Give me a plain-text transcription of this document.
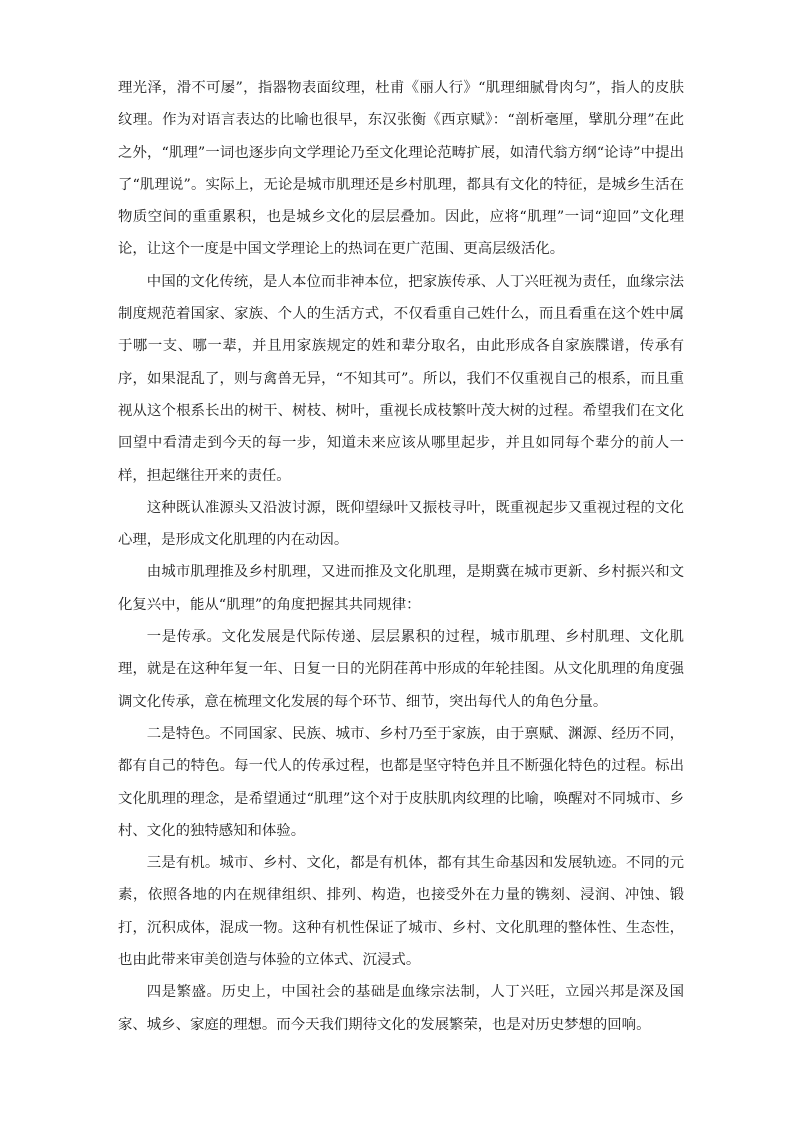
理光泽，滑不可屡”，指器物表面纹理，杜甫《丽人行》“肌理细腻骨肉匀”，指人的皮肤纹理。作为对语言表达的比喻也很早，东汉张衡《西京赋》：“剖析毫厘，擘肌分理”在此之外，“肌理”一词也逐步向文学理论乃至文化理论范畴扩展，如清代翁方纲“论诗”中提出了“肌理说”。实际上，无论是城市肌理还是乡村肌理，都具有文化的特征，是城乡生活在物质空间的重重累积，也是城乡文化的层层叠加。因此，应将“肌理”一词“迎回”文化理论，让这个一度是中国文学理论上的热词在更广范围、更高层级活化。

中国的文化传统，是人本位而非神本位，把家族传承、人丁兴旺视为责任，血缘宗法制度规范着国家、家族、个人的生活方式，不仅看重自己姓什么，而且看重在这个姓中属于哪一支、哪一辈，并且用家族规定的姓和辈分取名，由此形成各自家族牒谱，传承有序，如果混乱了，则与禽兽无异，“不知其可”。所以，我们不仅重视自己的根系，而且重视从这个根系长出的树干、树枝、树叶，重视长成枝繁叶茂大树的过程。希望我们在文化回望中看清走到今天的每一步，知道未来应该从哪里起步，并且如同每个辈分的前人一样，担起继往开来的责任。

这种既认准源头又沿波讨源，既仰望绿叶又振枝寻叶，既重视起步又重视过程的文化心理，是形成文化肌理的内在动因。

由城市肌理推及乡村肌理，又进而推及文化肌理，是期冀在城市更新、乡村振兴和文化复兴中，能从“肌理”的角度把握其共同规律：

一是传承。文化发展是代际传递、层层累积的过程，城市肌理、乡村肌理、文化肌理，就是在这种年复一年、日复一日的光阴荏苒中形成的年轮挂图。从文化肌理的角度强调文化传承，意在梳理文化发展的每个环节、细节，突出每代人的角色分量。

二是特色。不同国家、民族、城市、乡村乃至于家族，由于禀赋、渊源、经历不同，都有自己的特色。每一代人的传承过程，也都是坚守特色并且不断强化特色的过程。标出文化肌理的理念，是希望通过“肌理”这个对于皮肤肌肉纹理的比喻，唤醒对不同城市、乡村、文化的独特感知和体验。

三是有机。城市、乡村、文化，都是有机体，都有其生命基因和发展轨迹。不同的元素，依照各地的内在规律组织、排列、构造，也接受外在力量的镌刻、浸润、冲蚀、锻打，沉积成体，混成一物。这种有机性保证了城市、乡村、文化肌理的整体性、生态性，也由此带来审美创造与体验的立体式、沉浸式。

四是繁盛。历史上，中国社会的基础是血缘宗法制，人丁兴旺，立园兴邦是深及国家、城乡、家庭的理想。而今天我们期待文化的发展繁荣，也是对历史梦想的回响。
